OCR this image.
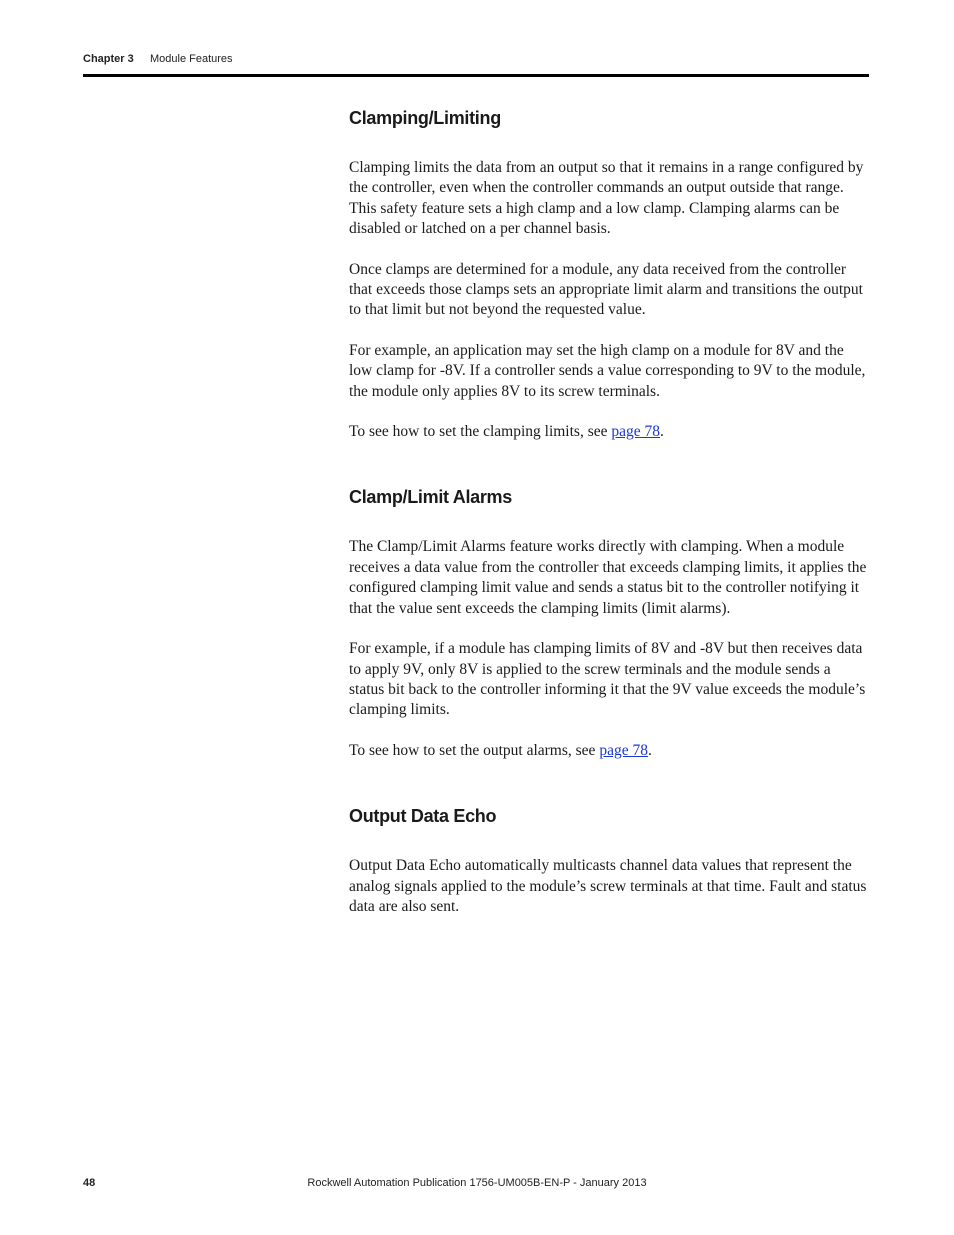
Chapter 3 Module Features
Clamping/Limiting

Clamping limits the data from an output so that it remains in a range configured by the controller, even when the controller commands an output outside that range. This safety feature sets a high clamp and a low clamp. Clamping alarms can be disabled or latched on a per channel basis.

Once clamps are determined for a module, any data received from the controller that exceeds those clamps sets an appropriate limit alarm and transitions the output to that limit but not beyond the requested value.

For example, an application may set the high clamp on a module for 8V and the low clamp for -8V. If a controller sends a value corresponding to 9V to the module, the module only applies 8V to its screw terminals.

To see how to set the clamping limits, see page 78.

Clamp/Limit Alarms

The Clamp/Limit Alarms feature works directly with clamping. When a module receives a data value from the controller that exceeds clamping limits, it applies the configured clamping limit value and sends a status bit to the controller notifying it that the value sent exceeds the clamping limits (limit alarms).

For example, if a module has clamping limits of 8V and -8V but then receives data to apply 9V, only 8V is applied to the screw terminals and the module sends a status bit back to the controller informing it that the 9V value exceeds the module’s clamping limits.

To see how to set the output alarms, see page 78.

Output Data Echo

Output Data Echo automatically multicasts channel data values that represent the analog signals applied to the module’s screw terminals at that time. Fault and status data are also sent.

48	Rockwell Automation Publication 1756-UM005B-EN-P - January 2013
